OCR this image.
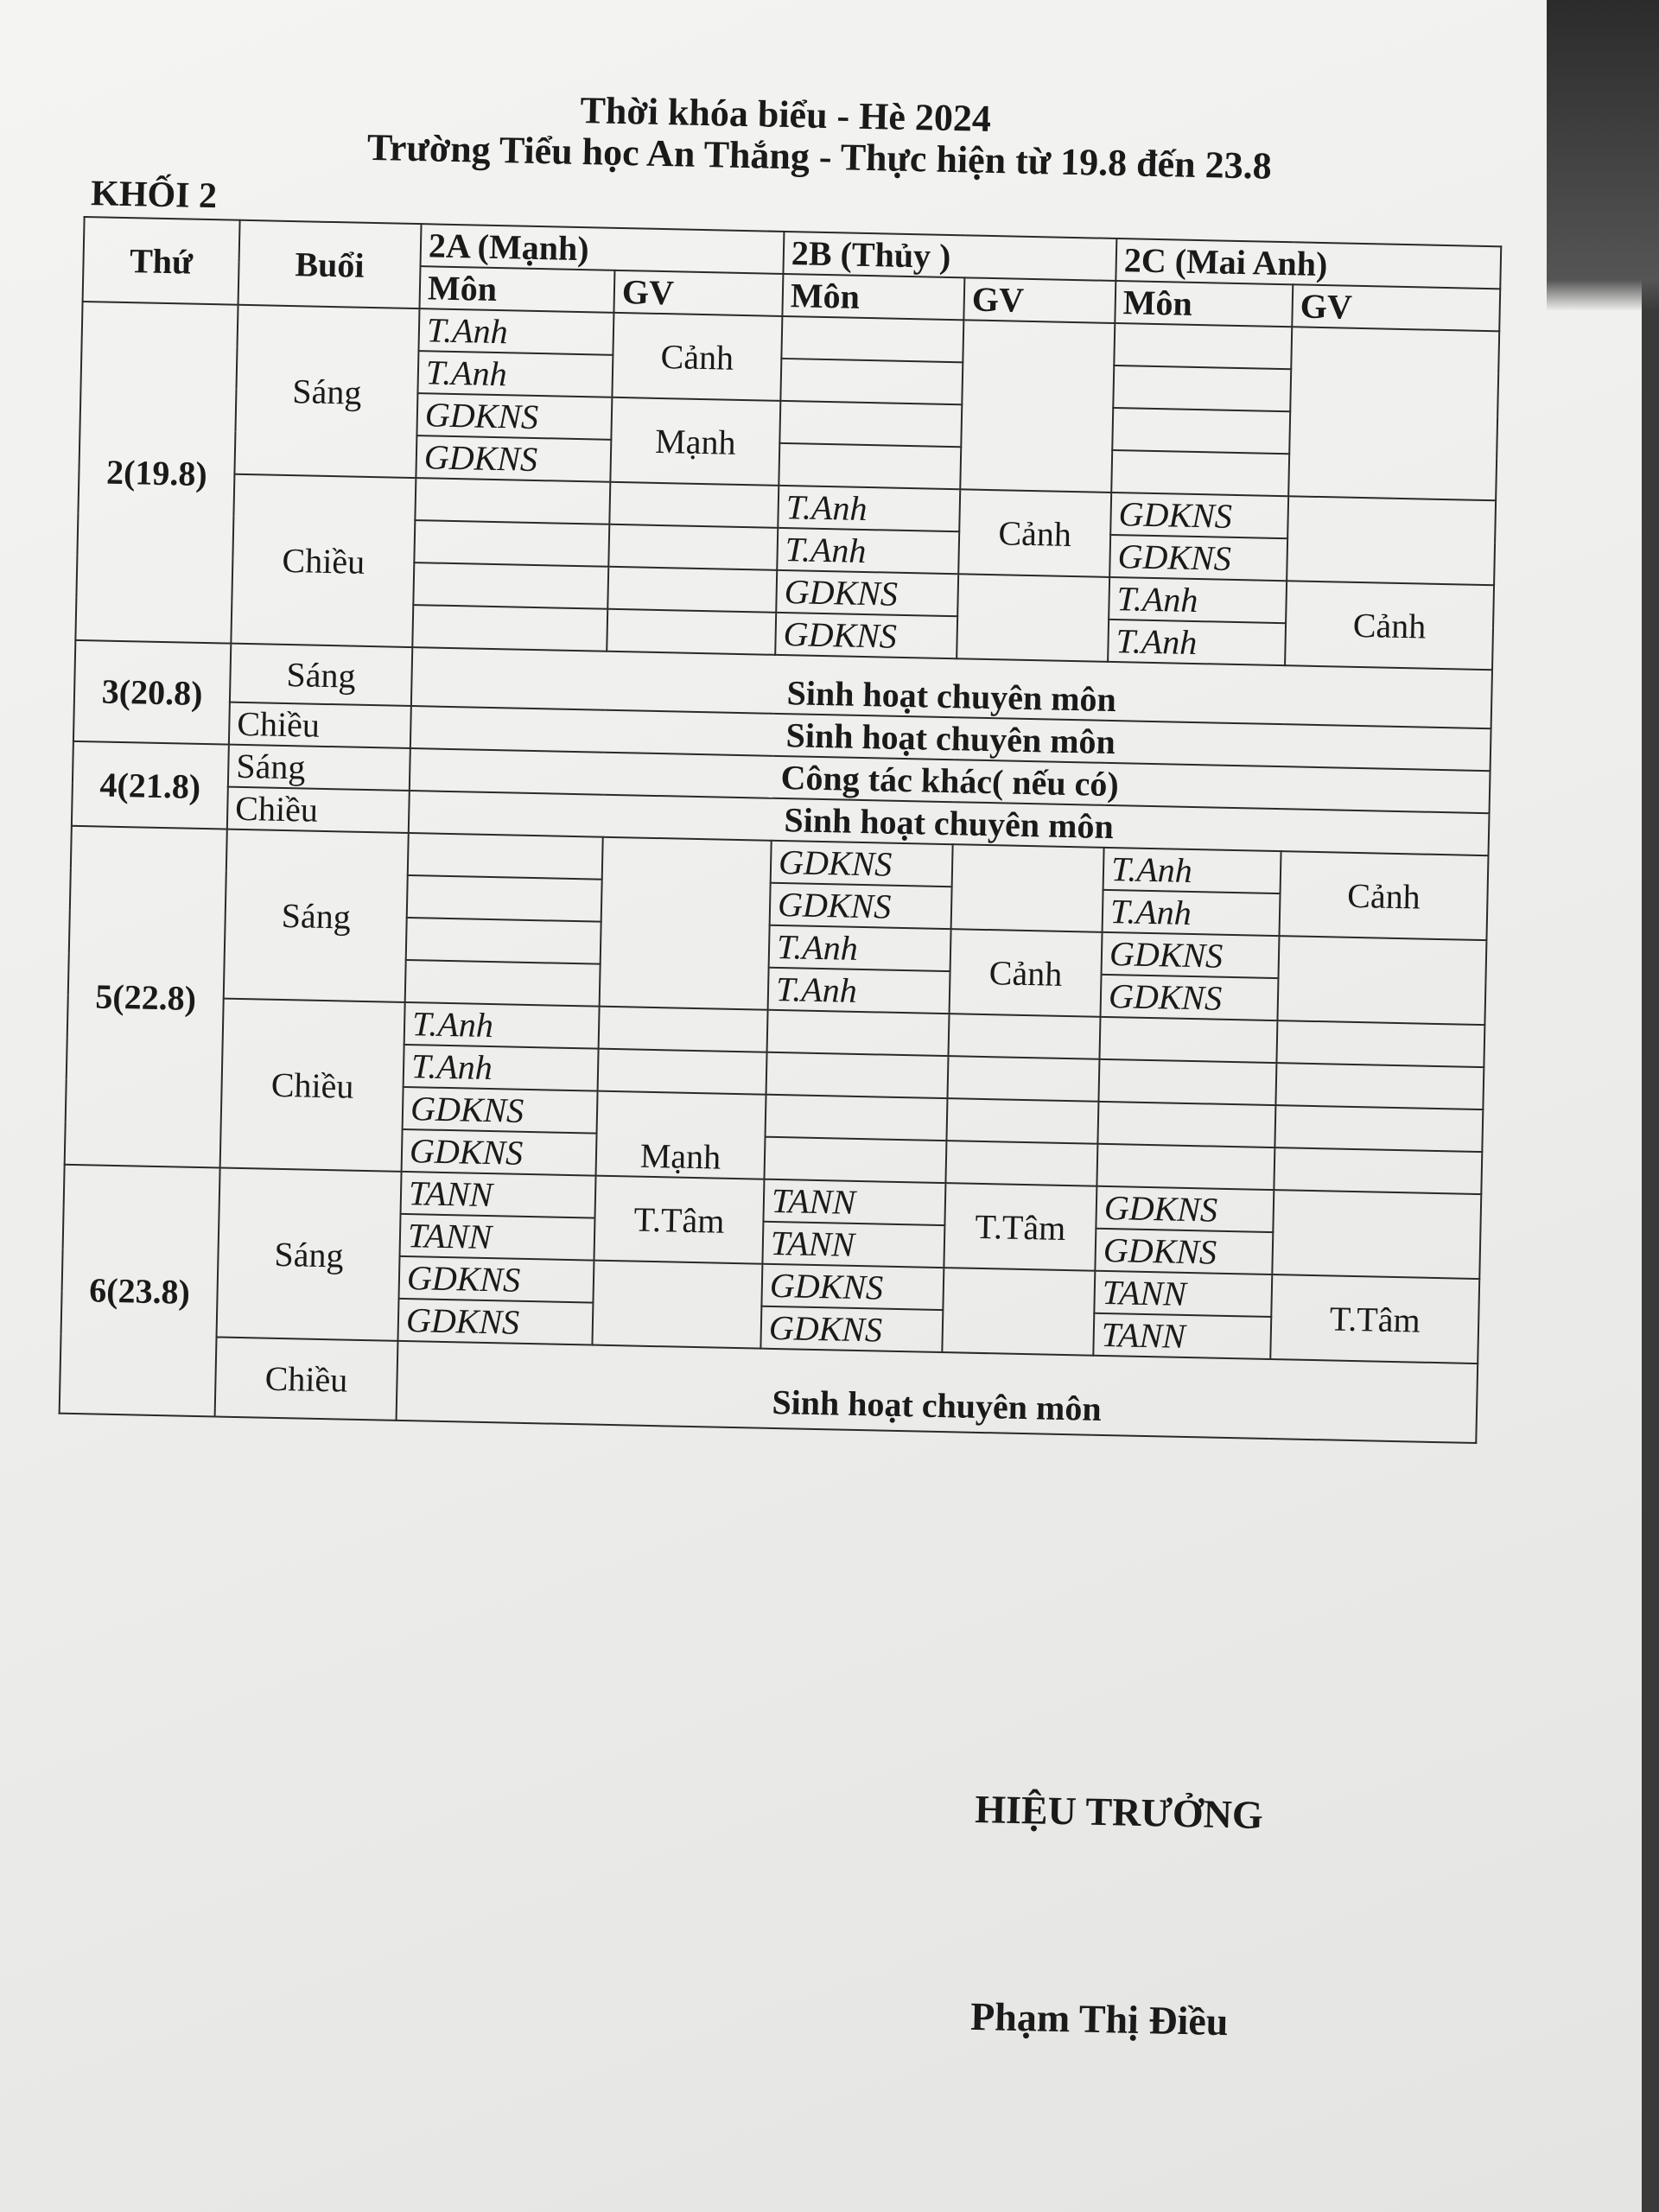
Thời khóa biểu - Hè 2024
Trường Tiểu học An Thắng - Thực hiện từ 19.8 đến 23.8
KHỐI 2
Thứ	Buổi	2A (Mạnh)		2B (Thủy )		2C (Mai Anh)	
		Môn	GV	Môn	GV	Môn	GV
2(19.8)	Sáng	T.Anh	Cảnh				
		T.Anh					
		GDKNS	Mạnh				
		GDKNS					
	Chiều			T.Anh	Cảnh	GDKNS	
				T.Anh		GDKNS	
				GDKNS		T.Anh	Cảnh
				GDKNS		T.Anh	
3(20.8)	Sáng	Sinh hoạt chuyên môn					
	Chiều	Sinh hoạt chuyên môn					
4(21.8)	Sáng	Công tác khác( nếu có)					
	Chiều	Sinh hoạt chuyên môn					
5(22.8)	Sáng			GDKNS		T.Anh	Cảnh
				GDKNS		T.Anh	
				T.Anh	Cảnh	GDKNS	
				T.Anh		GDKNS	
	Chiều	T.Anh					
		T.Anh					
		GDKNS	Mạnh				
		GDKNS					
6(23.8)	Sáng	TANN	T.Tâm	TANN	T.Tâm	GDKNS	
		TANN		TANN		GDKNS	
		GDKNS		GDKNS		TANN	T.Tâm
		GDKNS		GDKNS		TANN	
	Chiều	Sinh hoạt chuyên môn					
HIỆU TRƯỞNG
Phạm Thị Điều
